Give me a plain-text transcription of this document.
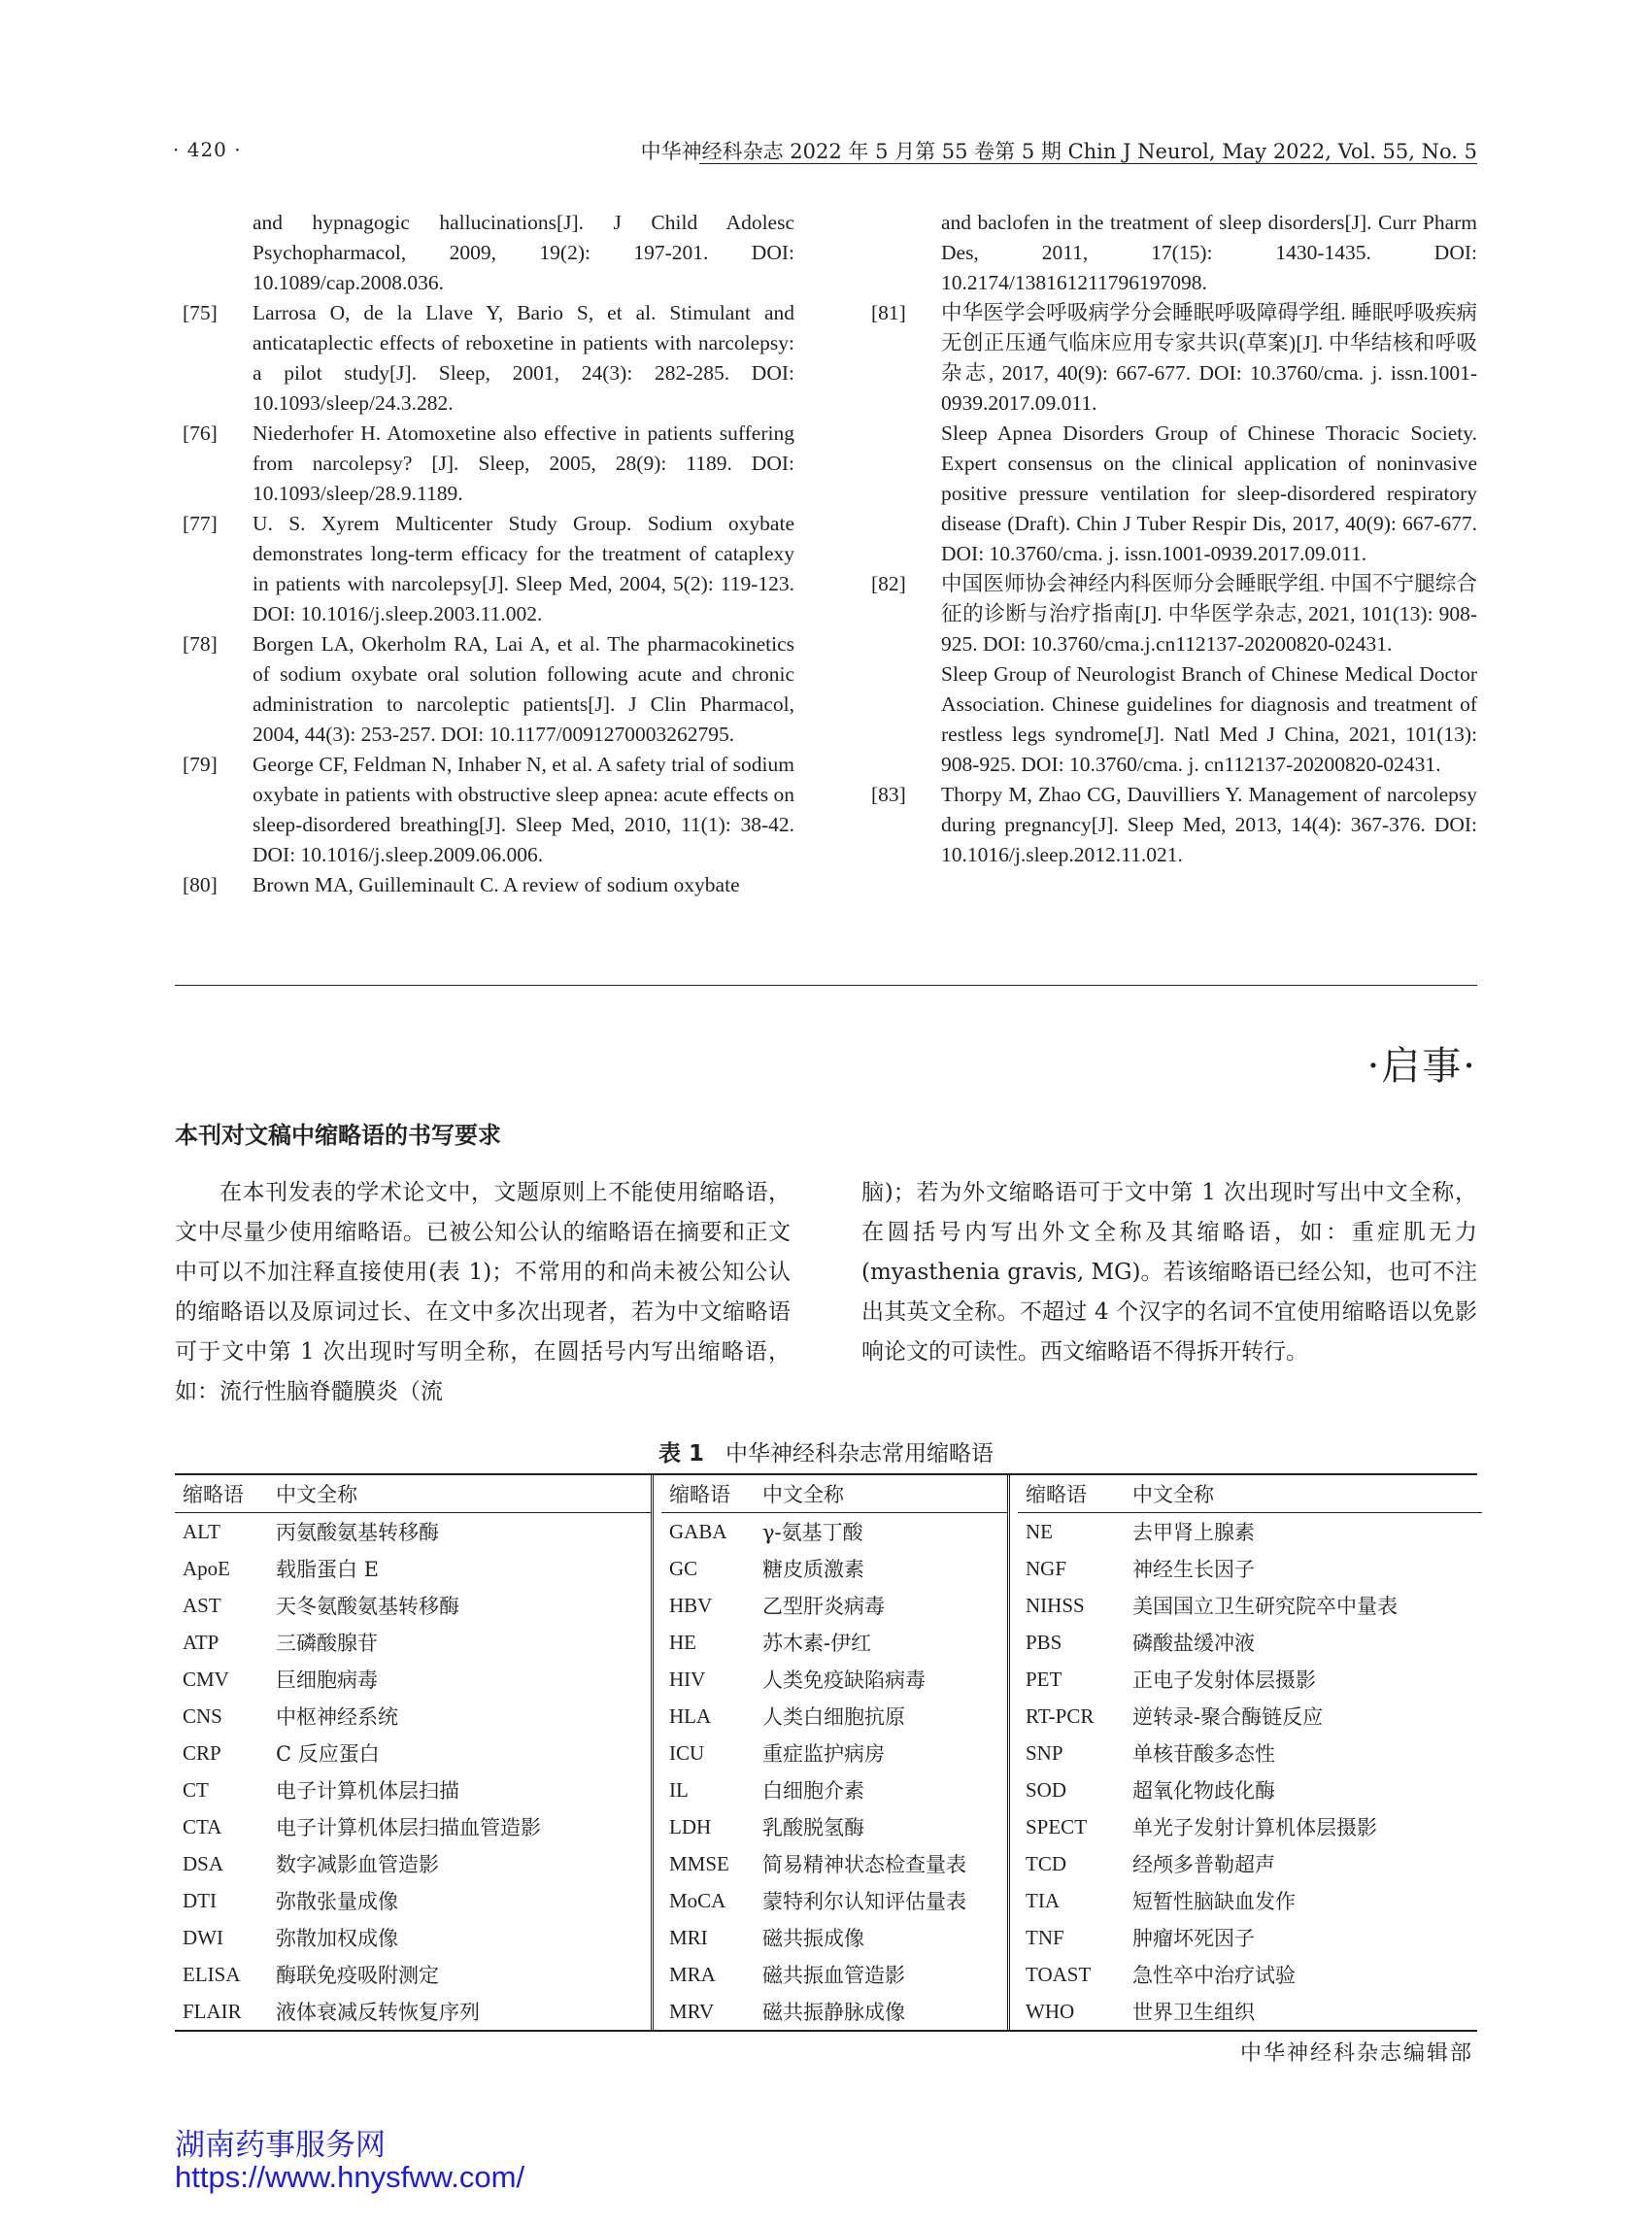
· 420 ·	中华神经科杂志 2022 年 5 月第 55 卷第 5 期 Chin J Neurol, May 2022, Vol. 55, No. 5
and hypnagogic hallucinations[J]. J Child Adolesc Psychopharmacol, 2009, 19(2): 197-201. DOI: 10.1089/cap.2008.036.
[75] Larrosa O, de la Llave Y, Bario S, et al. Stimulant and anticataplectic effects of reboxetine in patients with narcolepsy: a pilot study[J]. Sleep, 2001, 24(3): 282-285. DOI: 10.1093/sleep/24.3.282.
[76] Niederhofer H. Atomoxetine also effective in patients suffering from narcolepsy? [J]. Sleep, 2005, 28(9): 1189. DOI: 10.1093/sleep/28.9.1189.
[77] U. S. Xyrem Multicenter Study Group. Sodium oxybate demonstrates long-term efficacy for the treatment of cataplexy in patients with narcolepsy[J]. Sleep Med, 2004, 5(2): 119-123. DOI: 10.1016/j.sleep.2003.11.002.
[78] Borgen LA, Okerholm RA, Lai A, et al. The pharmacokinetics of sodium oxybate oral solution following acute and chronic administration to narcoleptic patients[J]. J Clin Pharmacol, 2004, 44(3): 253-257. DOI: 10.1177/0091270003262795.
[79] George CF, Feldman N, Inhaber N, et al. A safety trial of sodium oxybate in patients with obstructive sleep apnea: acute effects on sleep-disordered breathing[J]. Sleep Med, 2010, 11(1): 38-42. DOI: 10.1016/j.sleep.2009.06.006.
[80] Brown MA, Guilleminault C. A review of sodium oxybate
and baclofen in the treatment of sleep disorders[J]. Curr Pharm Des, 2011, 17(15): 1430-1435. DOI: 10.2174/138161211796197098.
[81] 中华医学会呼吸病学分会睡眠呼吸障碍学组. 睡眠呼吸疾病无创正压通气临床应用专家共识(草案)[J]. 中华结核和呼吸杂志, 2017, 40(9): 667-677. DOI: 10.3760/cma. j. issn.1001-0939.2017.09.011.
Sleep Apnea Disorders Group of Chinese Thoracic Society. Expert consensus on the clinical application of noninvasive positive pressure ventilation for sleep-disordered respiratory disease (Draft). Chin J Tuber Respir Dis, 2017, 40(9): 667-677. DOI: 10.3760/cma. j. issn.1001-0939.2017.09.011.
[82] 中国医师协会神经内科医师分会睡眠学组. 中国不宁腿综合征的诊断与治疗指南[J]. 中华医学杂志, 2021, 101(13): 908-925. DOI: 10.3760/cma.j.cn112137-20200820-02431.
Sleep Group of Neurologist Branch of Chinese Medical Doctor Association. Chinese guidelines for diagnosis and treatment of restless legs syndrome[J]. Natl Med J China, 2021, 101(13): 908-925. DOI: 10.3760/cma. j. cn112137-20200820-02431.
[83] Thorpy M, Zhao CG, Dauvilliers Y. Management of narcolepsy during pregnancy[J]. Sleep Med, 2013, 14(4): 367-376. DOI: 10.1016/j.sleep.2012.11.021.
·启事·
本刊对文稿中缩略语的书写要求

在本刊发表的学术论文中，文题原则上不能使用缩略语，文中尽量少使用缩略语。已被公知公认的缩略语在摘要和正文中可以不加注释直接使用(表 1)；不常用的和尚未被公知公认的缩略语以及原词过长、在文中多次出现者，若为中文缩略语可于文中第 1 次出现时写明全称，在圆括号内写出缩略语，如：流行性脑脊髓膜炎（流

脑)；若为外文缩略语可于文中第 1 次出现时写出中文全称，在圆括号内写出外文全称及其缩略语，如：重症肌无力(myasthenia gravis, MG)。若该缩略语已经公知，也可不注出其英文全称。不超过 4 个汉字的名词不宜使用缩略语以免影响论文的可读性。西文缩略语不得拆开转行。

表 1 中华神经科杂志常用缩略语
缩略语	中文全称
ALT	丙氨酸氨基转移酶
ApoE	载脂蛋白 E
AST	天冬氨酸氨基转移酶
ATP	三磷酸腺苷
CMV	巨细胞病毒
CNS	中枢神经系统
CRP	C 反应蛋白
CT	电子计算机体层扫描
CTA	电子计算机体层扫描血管造影
DSA	数字减影血管造影
DTI	弥散张量成像
DWI	弥散加权成像
ELISA	酶联免疫吸附测定
FLAIR	液体衰减反转恢复序列
缩略语	中文全称
GABA	γ-氨基丁酸
GC	糖皮质激素
HBV	乙型肝炎病毒
HE	苏木素-伊红
HIV	人类免疫缺陷病毒
HLA	人类白细胞抗原
ICU	重症监护病房
IL	白细胞介素
LDH	乳酸脱氢酶
MMSE	简易精神状态检查量表
MoCA	蒙特利尔认知评估量表
MRI	磁共振成像
MRA	磁共振血管造影
MRV	磁共振静脉成像
缩略语	中文全称
NE	去甲肾上腺素
NGF	神经生长因子
NIHSS	美国国立卫生研究院卒中量表
PBS	磷酸盐缓冲液
PET	正电子发射体层摄影
RT-PCR	逆转录-聚合酶链反应
SNP	单核苷酸多态性
SOD	超氧化物歧化酶
SPECT	单光子发射计算机体层摄影
TCD	经颅多普勒超声
TIA	短暂性脑缺血发作
TNF	肿瘤坏死因子
TOAST	急性卒中治疗试验
WHO	世界卫生组织
中华神经科杂志编辑部
湖南药事服务网
https://www.hnysfww.com/
